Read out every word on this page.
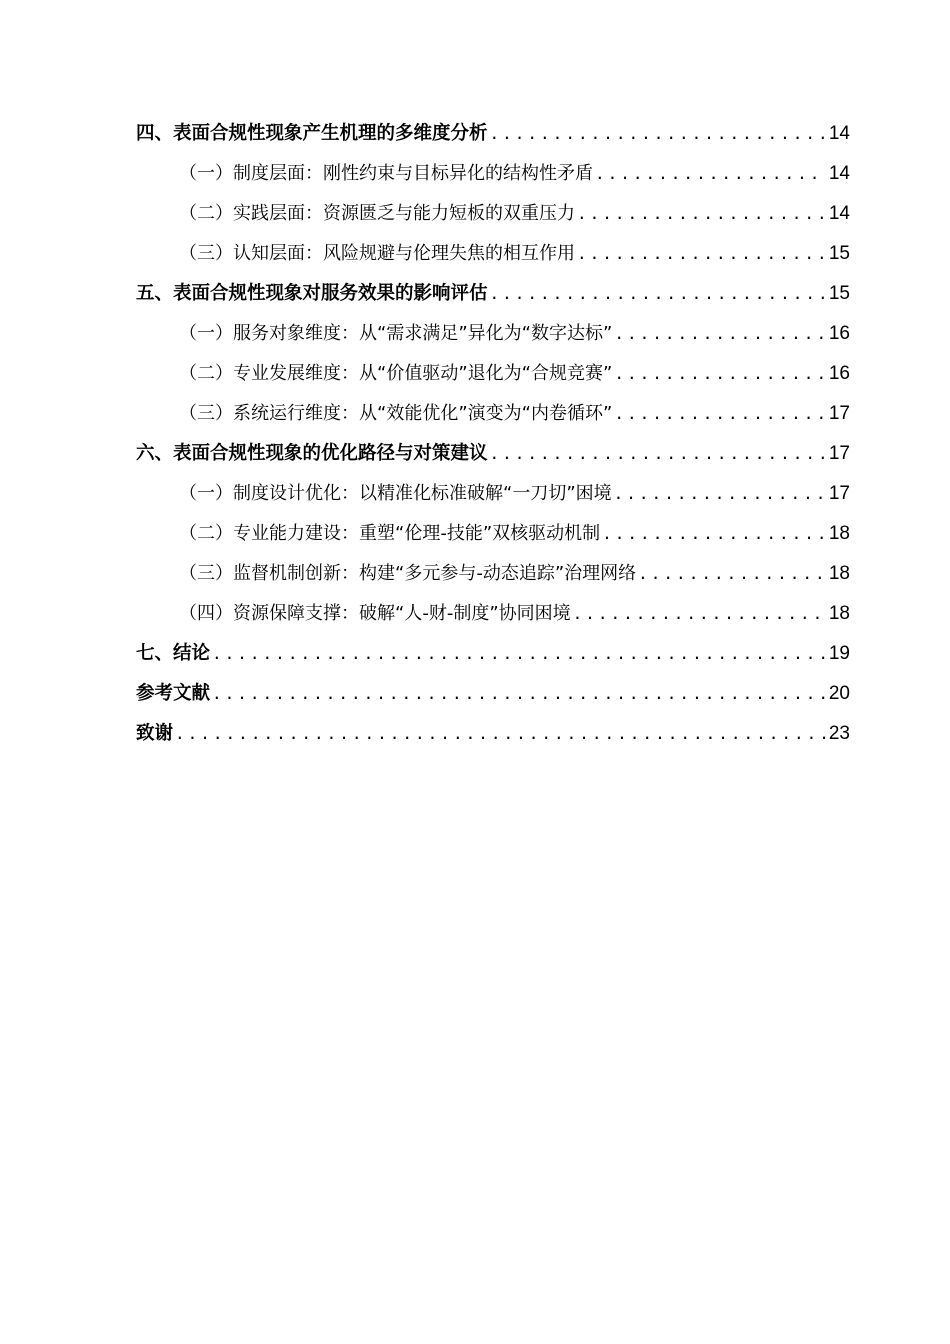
四、表面合规性现象产生机理的多维度分析 .....	14
（一）制度层面：刚性约束与目标异化的结构性矛盾 .....	14
（二）实践层面：资源匮乏与能力短板的双重压力 .....	14
（三）认知层面：风险规避与伦理失焦的相互作用 .....	15
五、表面合规性现象对服务效果的影响评估 .....	15
（一）服务对象维度：从“需求满足”异化为“数字达标” .....	16
（二）专业发展维度：从“价值驱动”退化为“合规竞赛” .....	16
（三）系统运行维度：从“效能优化”演变为“内卷循环” .....	17
六、表面合规性现象的优化路径与对策建议 .....	17
（一）制度设计优化：以精准化标准破解“一刀切”困境 .....	17
（二）专业能力建设：重塑“伦理-技能”双核驱动机制 .....	18
（三）监督机制创新：构建“多元参与-动态追踪”治理网络 .....	18
（四）资源保障支撑：破解“人-财-制度”协同困境 .....	18
七、结论 .....	19
参考文献 .....	20
致谢 .....	23
